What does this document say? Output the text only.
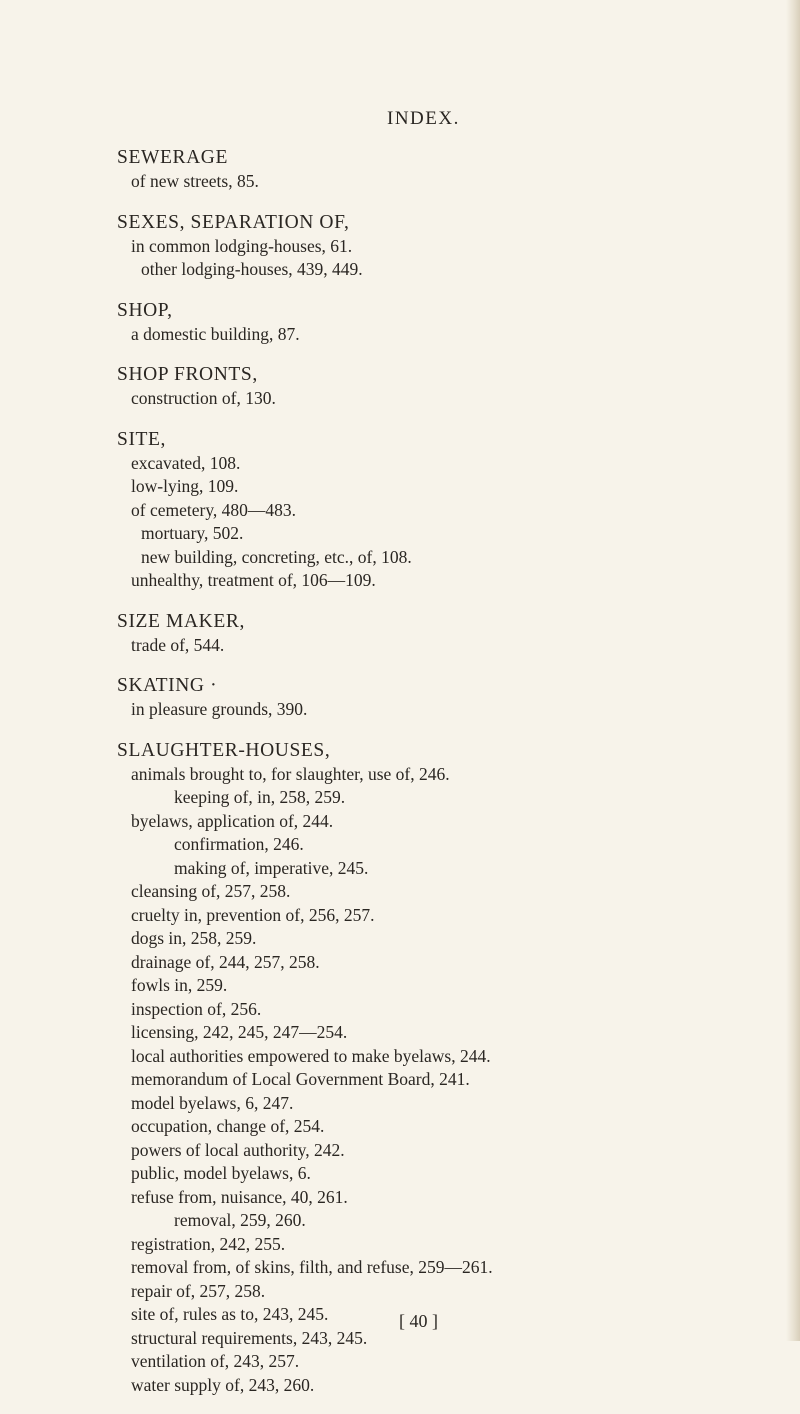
INDEX.
SEWERAGE
of new streets, 85.
SEXES, SEPARATION OF,
in common lodging-houses, 61.
other lodging-houses, 439, 449.
SHOP,
a domestic building, 87.
SHOP FRONTS,
construction of, 130.
SITE,
excavated, 108.
low-lying, 109.
of cemetery, 480—483.
mortuary, 502.
new building, concreting, etc., of, 108.
unhealthy, treatment of, 106—109.
SIZE MAKER,
trade of, 544.
SKATING ·
in pleasure grounds, 390.
SLAUGHTER-HOUSES,
animals brought to, for slaughter, use of, 246.
keeping of, in, 258, 259.
byelaws, application of, 244.
confirmation, 246.
making of, imperative, 245.
cleansing of, 257, 258.
cruelty in, prevention of, 256, 257.
dogs in, 258, 259.
drainage of, 244, 257, 258.
fowls in, 259.
inspection of, 256.
licensing, 242, 245, 247—254.
local authorities empowered to make byelaws, 244.
memorandum of Local Government Board, 241.
model byelaws, 6, 247.
occupation, change of, 254.
powers of local authority, 242.
public, model byelaws, 6.
refuse from, nuisance, 40, 261.
removal, 259, 260.
registration, 242, 255.
removal from, of skins, filth, and refuse, 259—261.
repair of, 257, 258.
site of, rules as to, 243, 245.
structural requirements, 243, 245.
ventilation of, 243, 257.
water supply of, 243, 260.
[ 40 ]
